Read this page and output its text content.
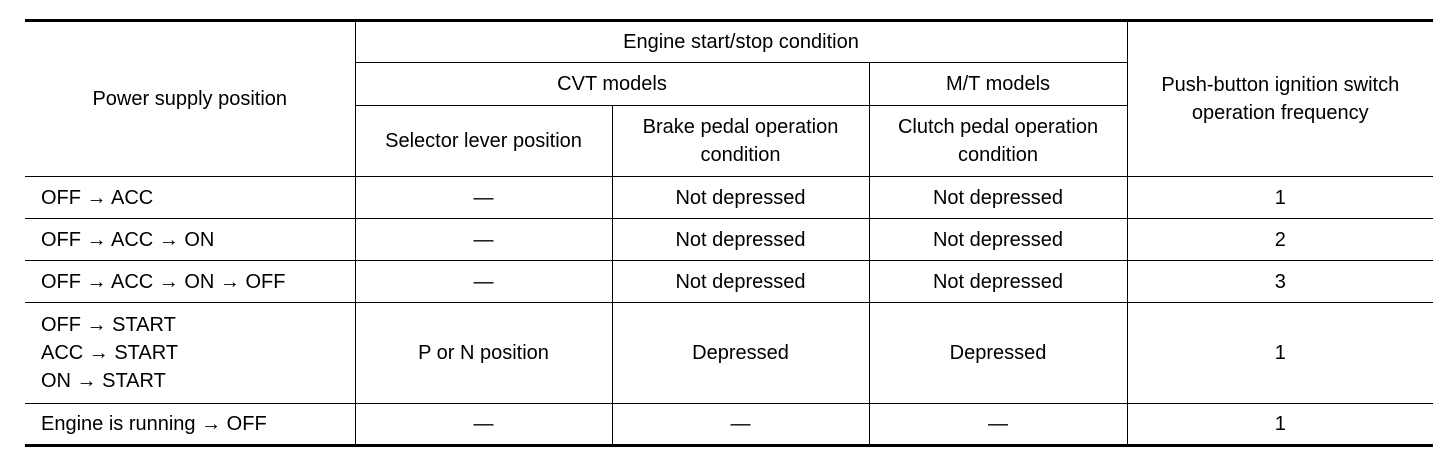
Power supply position	Engine start/stop condition			Push-button ignition switch operation frequency
	CVT models		M/T models	
	Selector lever position	Brake pedal operation condition	Clutch pedal operation condition	

OFF → ACC	—	Not depressed	Not depressed	1

OFF → ACC → ON	—	Not depressed	Not depressed	2

OFF → ACC → ON → OFF	—	Not depressed	Not depressed	3

OFF → START
ACC → START
ON → START	P or N position	Depressed	Depressed	1

Engine is running → OFF	—	—	—	1
